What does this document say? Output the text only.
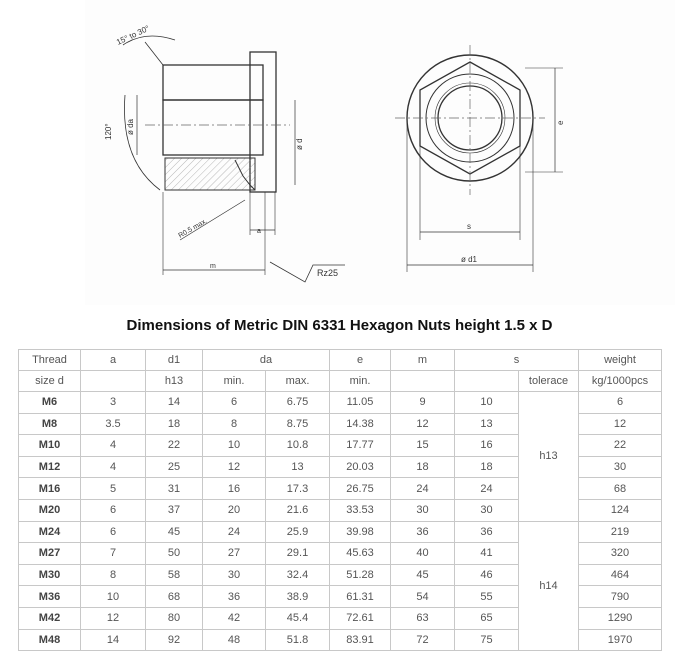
15° to 30°
120° ø da
ø d
R0.5 max.	a
m
Rz25
e
s
ø d1
Dimensions of Metric DIN 6331 Hexagon Nuts height 1.5 x D
Thread	a	d1	da		e	m	s		weight
size d		h13	min.	max.	min.			tolerace	kg/1000pcs
M6	3	14	6	6.75	11.05	9	10	h13	6
M8	3.5	18	8	8.75	14.38	12	13		12
M10	4	22	10	10.8	17.77	15	16		22
M12	4	25	12	13	20.03	18	18		30
M16	5	31	16	17.3	26.75	24	24		68
M20	6	37	20	21.6	33.53	30	30		124
M24	6	45	24	25.9	39.98	36	36	h14	219
M27	7	50	27	29.1	45.63	40	41		320
M30	8	58	30	32.4	51.28	45	46		464
M36	10	68	36	38.9	61.31	54	55		790
M42	12	80	42	45.4	72.61	63	65		1290
M48	14	92	48	51.8	83.91	72	75		1970
